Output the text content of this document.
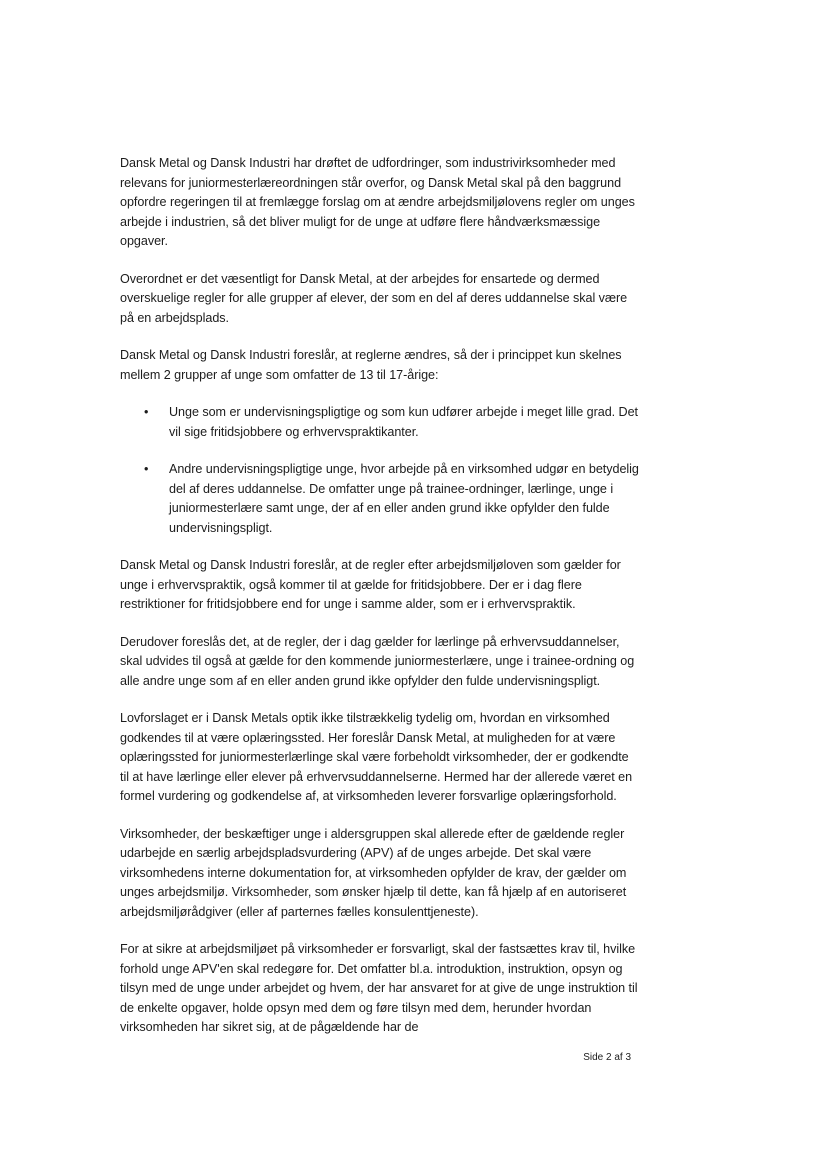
Dansk Metal og Dansk Industri har drøftet de udfordringer, som industrivirksomheder med relevans for juniormesterlæreordningen står overfor, og Dansk Metal skal på den baggrund opfordre regeringen til at fremlægge forslag om at ændre arbejdsmiljølovens regler om unges arbejde i industrien, så det bliver muligt for de unge at udføre flere håndværksmæssige opgaver.

Overordnet er det væsentligt for Dansk Metal, at der arbejdes for ensartede og dermed overskuelige regler for alle grupper af elever, der som en del af deres uddannelse skal være på en arbejdsplads.

Dansk Metal og Dansk Industri foreslår, at reglerne ændres, så der i princippet kun skelnes mellem 2 grupper af unge som omfatter de 13 til 17-årige:

• Unge som er undervisningspligtige og som kun udfører arbejde i meget lille grad. Det vil sige fritidsjobbere og erhvervspraktikanter.
• Andre undervisningspligtige unge, hvor arbejde på en virksomhed udgør en betydelig del af deres uddannelse. De omfatter unge på trainee-ordninger, lærlinge, unge i juniormesterlære samt unge, der af en eller anden grund ikke opfylder den fulde undervisningspligt.

Dansk Metal og Dansk Industri foreslår, at de regler efter arbejdsmiljøloven som gælder for unge i erhvervspraktik, også kommer til at gælde for fritidsjobbere. Der er i dag flere restriktioner for fritidsjobbere end for unge i samme alder, som er i erhvervspraktik.

Derudover foreslås det, at de regler, der i dag gælder for lærlinge på erhvervsuddannelser, skal udvides til også at gælde for den kommende juniormesterlære, unge i trainee-ordning og alle andre unge som af en eller anden grund ikke opfylder den fulde undervisningspligt.

Lovforslaget er i Dansk Metals optik ikke tilstrækkelig tydelig om, hvordan en virksomhed godkendes til at være oplæringssted. Her foreslår Dansk Metal, at muligheden for at være oplæringssted for juniormesterlærlinge skal være forbeholdt virksomheder, der er godkendte til at have lærlinge eller elever på erhvervsuddannelserne. Hermed har der allerede været en formel vurdering og godkendelse af, at virksomheden leverer forsvarlige oplæringsforhold.

Virksomheder, der beskæftiger unge i aldersgruppen skal allerede efter de gældende regler udarbejde en særlig arbejdspladsvurdering (APV) af de unges arbejde. Det skal være virksomhedens interne dokumentation for, at virksomheden opfylder de krav, der gælder om unges arbejdsmiljø. Virksomheder, som ønsker hjælp til dette, kan få hjælp af en autoriseret arbejdsmiljørådgiver (eller af parternes fælles konsulenttjeneste).

For at sikre at arbejdsmiljøet på virksomheder er forsvarligt, skal der fastsættes krav til, hvilke forhold unge APV'en skal redegøre for. Det omfatter bl.a. introduktion, instruktion, opsyn og tilsyn med de unge under arbejdet og hvem, der har ansvaret for at give de unge instruktion til de enkelte opgaver, holde opsyn med dem og føre tilsyn med dem, herunder hvordan virksomheden har sikret sig, at de pågældende har de

Side 2 af 3
